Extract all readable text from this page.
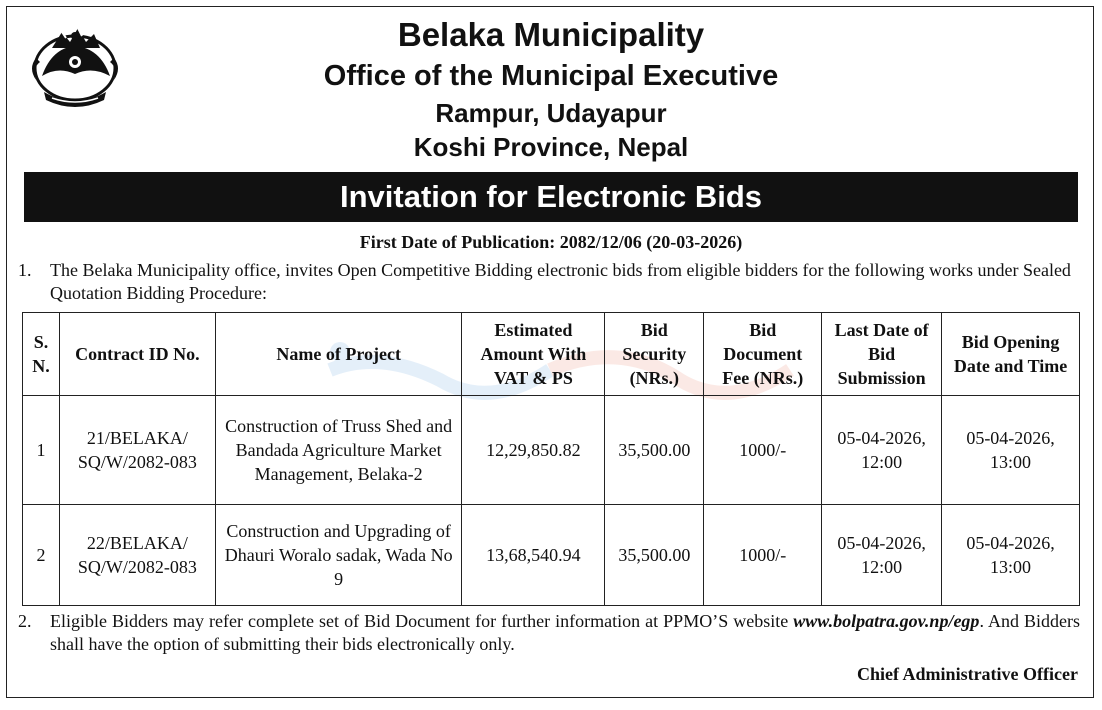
Belaka Municipality
Office of the Municipal Executive
Rampur, Udayapur
Koshi Province, Nepal
Invitation for Electronic Bids
First Date of Publication: 2082/12/06 (20-03-2026)
1. The Belaka Municipality office, invites Open Competitive Bidding electronic bids from eligible bidders for the following works under Sealed Quotation Bidding Procedure:
S. N.	Contract ID No.	Name of Project	Estimated Amount With VAT & PS	Bid Security (NRs.)	Bid Document Fee (NRs.)	Last Date of Bid Submission	Bid Opening Date and Time
1	21/BELAKA/ SQ/W/2082-083	Construction of Truss Shed and Bandada Agriculture Market Management, Belaka-2	12,29,850.82	35,500.00	1000/-	05-04-2026, 12:00	05-04-2026, 13:00
2	22/BELAKA/ SQ/W/2082-083	Construction and Upgrading of Dhauri Woralo sadak, Wada No 9	13,68,540.94	35,500.00	1000/-	05-04-2026, 12:00	05-04-2026, 13:00
2. Eligible Bidders may refer complete set of Bid Document for further information at PPMO’S website www.bolpatra.gov.np/egp. And Bidders shall have the option of submitting their bids electronically only.
Chief Administrative Officer
